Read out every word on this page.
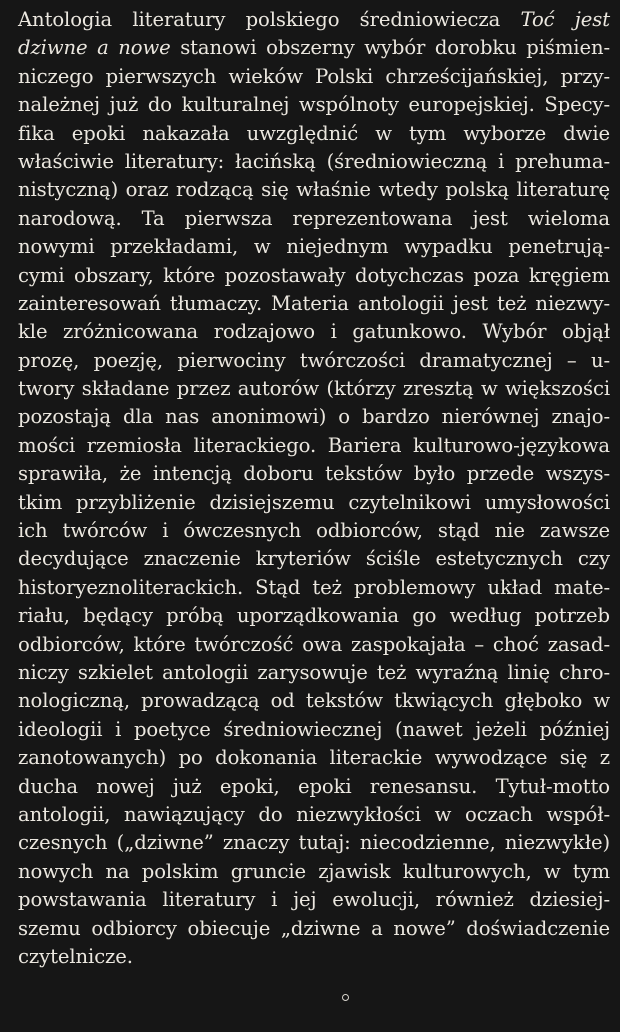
Antologia literatury polskiego średniowiecza Toć jest
dziwne a nowe stanowi obszerny wybór dorobku piśmien-
niczego pierwszych wieków Polski chrześcijańskiej, przy-
należnej już do kulturalnej wspólnoty europejskiej. Specy-
fika epoki nakazała uwzględnić w tym wyborze dwie
właściwie literatury: łacińską (średniowieczną i prehuma-
nistyczną) oraz rodzącą się właśnie wtedy polską literaturę
narodową. Ta pierwsza reprezentowana jest wieloma
nowymi przekładami, w niejednym wypadku penetrują-
cymi obszary, które pozostawały dotychczas poza kręgiem
zainteresowań tłumaczy. Materia antologii jest też niezwy-
kle zróżnicowana rodzajowo i gatunkowo. Wybór objął
prozę, poezję, pierwociny twórczości dramatycznej – u-
twory składane przez autorów (którzy zresztą w większości
pozostają dla nas anonimowi) o bardzo nierównej znajo-
mości rzemiosła literackiego. Bariera kulturowo-językowa
sprawiła, że intencją doboru tekstów było przede wszys-
tkim przybliżenie dzisiejszemu czytelnikowi umysłowości
ich twórców i ówczesnych odbiorców, stąd nie zawsze
decydujące znaczenie kryteriów ściśle estetycznych czy
historyeznoliterackich. Stąd też problemowy układ mate-
riału, będący próbą uporządkowania go według potrzeb
odbiorców, które twórczość owa zaspokajała – choć zasad-
niczy szkielet antologii zarysowuje też wyraźną linię chro-
nologiczną, prowadzącą od tekstów tkwiących głęboko w
ideologii i poetyce średniowiecznej (nawet jeżeli później
zanotowanych) po dokonania literackie wywodzące się z
ducha nowej już epoki, epoki renesansu. Tytuł-motto
antologii, nawiązujący do niezwykłości w oczach współ-
czesnych („dziwne” znaczy tutaj: niecodzienne, niezwykłe)
nowych na polskim gruncie zjawisk kulturowych, w tym
powstawania literatury i jej ewolucji, również dziesiej-
szemu odbiorcy obiecuje „dziwne a nowe” doświadczenie
czytelnicze.
